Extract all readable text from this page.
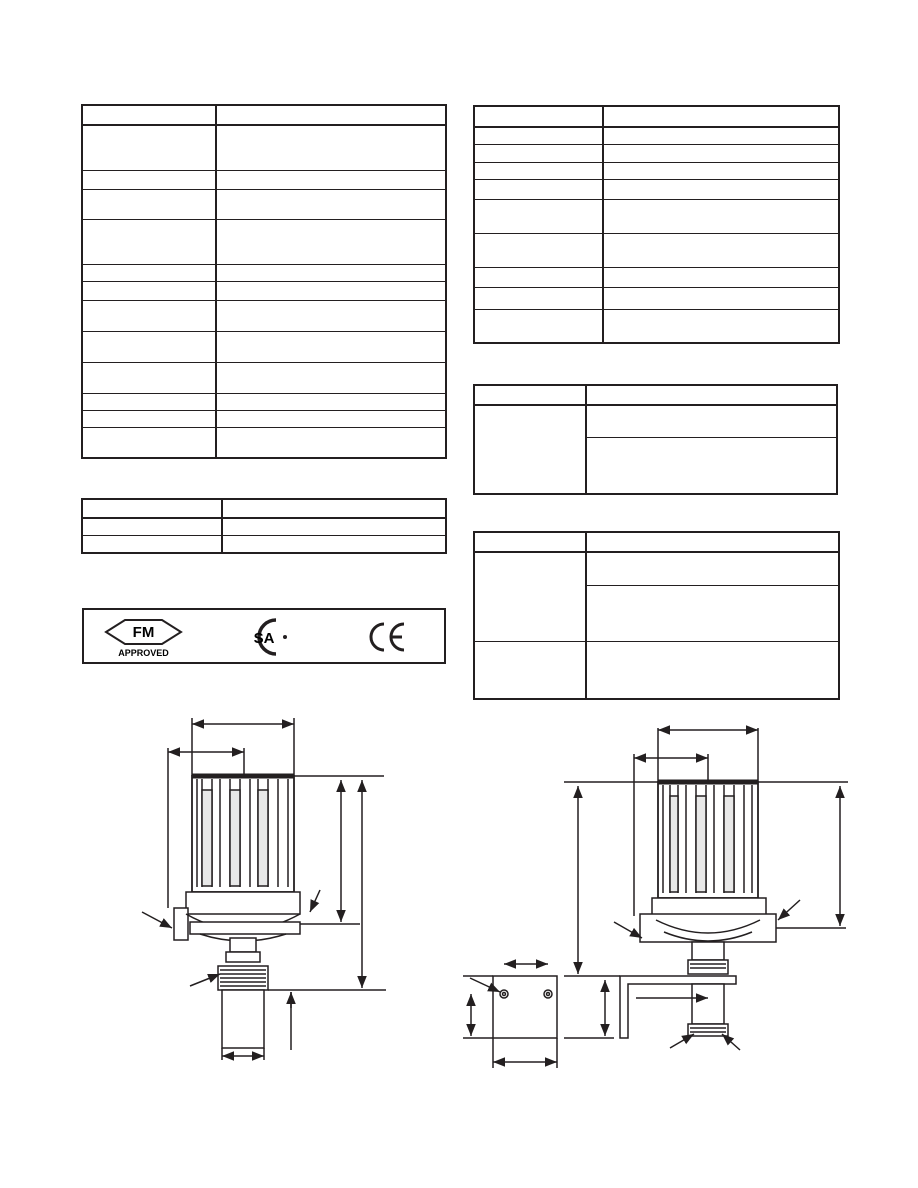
FM
APPROVED
SA
